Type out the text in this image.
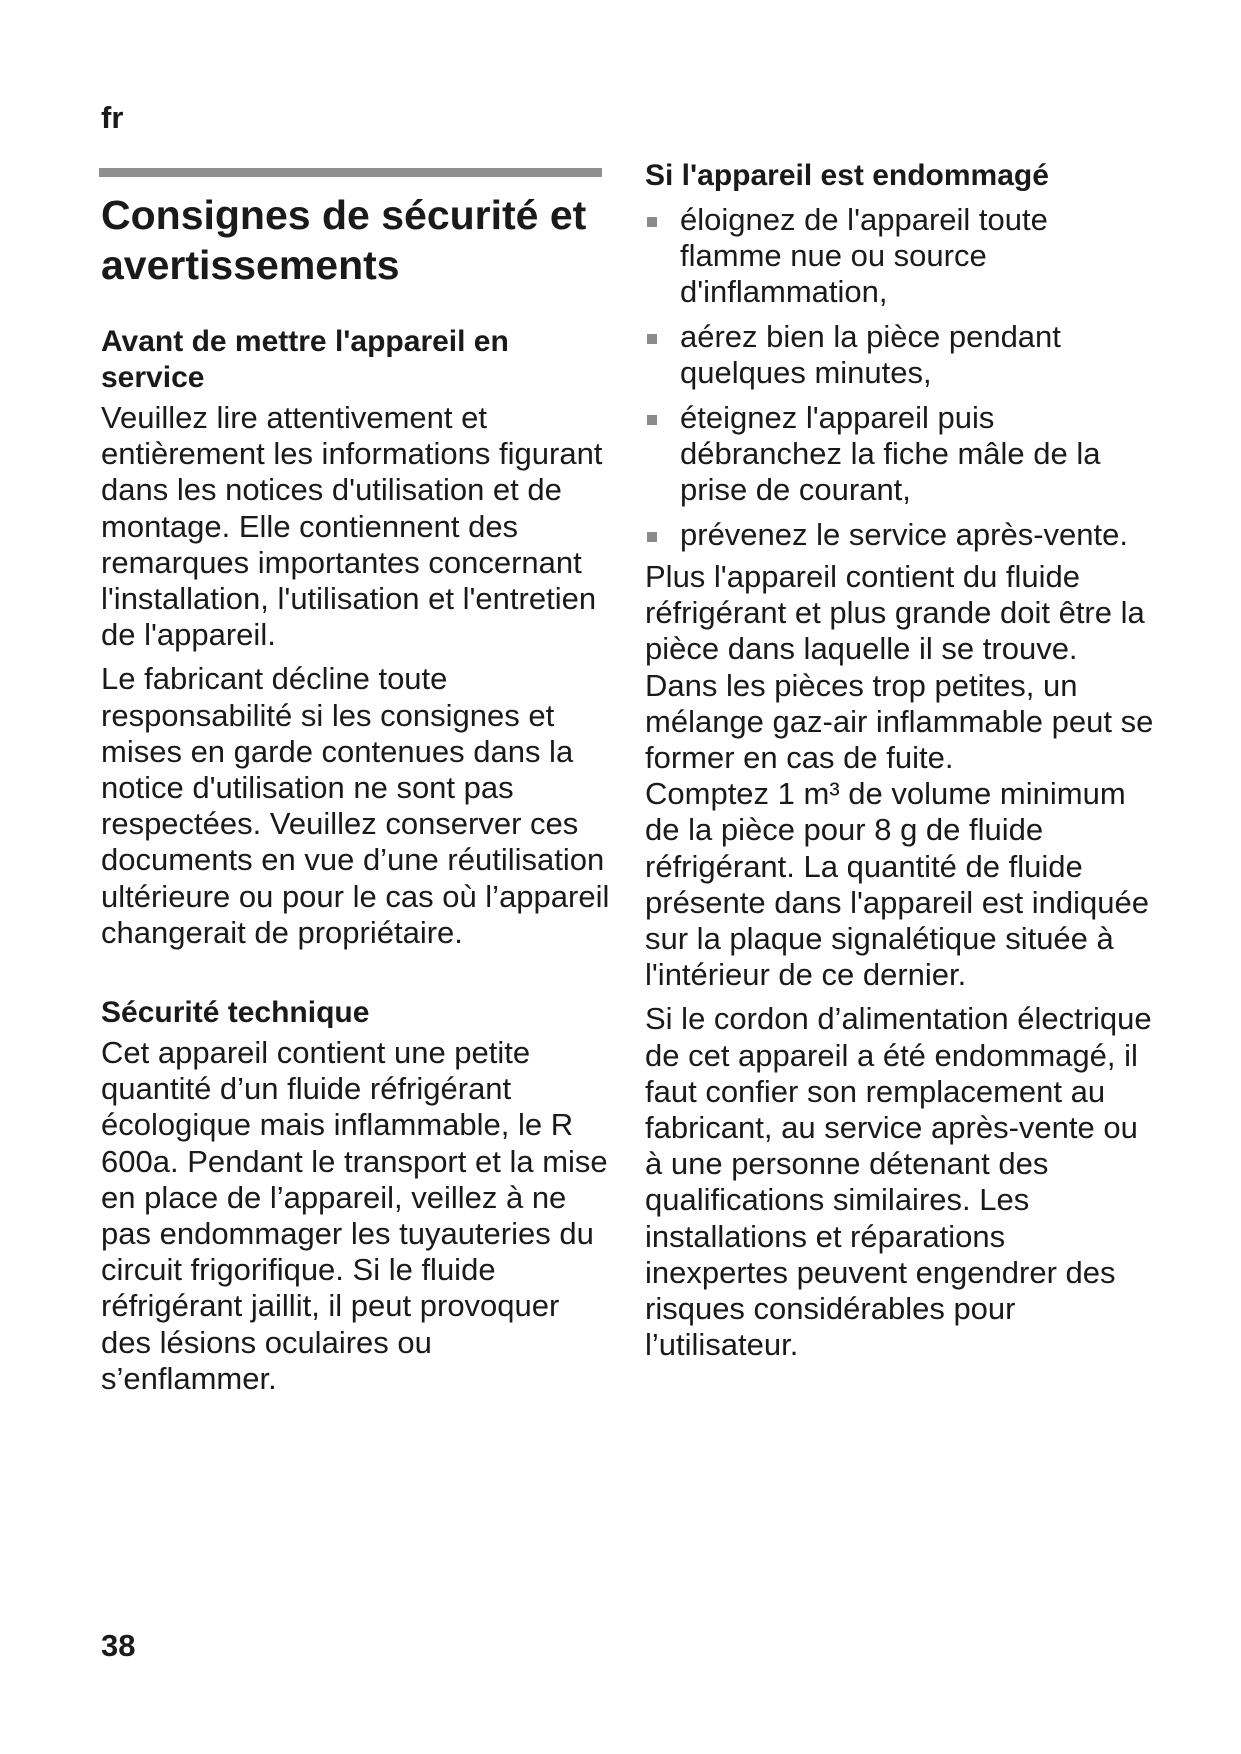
fr
Consignes de sécurité et avertissements
Avant de mettre l'appareil en service

Veuillez lire attentivement et entièrement les informations figurant dans les notices d'utilisation et de montage. Elle contiennent des remarques importantes concernant l'installation, l'utilisation et l'entretien de l'appareil.

Le fabricant décline toute responsabilité si les consignes et mises en garde contenues dans la notice d'utilisation ne sont pas respectées. Veuillez conserver ces documents en vue d’une réutilisation ultérieure ou pour le cas où l’appareil changerait de propriétaire.

Sécurité technique

Cet appareil contient une petite quantité d’un fluide réfrigérant écologique mais inflammable, le R 600a. Pendant le transport et la mise en place de l’appareil, veillez à ne pas endommager les tuyauteries du circuit frigorifique. Si le fluide réfrigérant jaillit, il peut provoquer des lésions oculaires ou s’enflammer.

Si l'appareil est endommagé
éloignez de l'appareil toute flamme nue ou source d'inflammation,
aérez bien la pièce pendant quelques minutes,
éteignez l'appareil puis débranchez la fiche mâle de la prise de courant,
prévenez le service après-vente.

Plus l'appareil contient du fluide réfrigérant et plus grande doit être la pièce dans laquelle il se trouve. Dans les pièces trop petites, un mélange gaz-air inflammable peut se former en cas de fuite.

Comptez 1 m³ de volume minimum de la pièce pour 8 g de fluide réfrigérant. La quantité de fluide présente dans l'appareil est indiquée sur la plaque signalétique située à l'intérieur de ce dernier.

Si le cordon d’alimentation électrique de cet appareil a été endommagé, il faut confier son remplacement au fabricant, au service après-vente ou à une personne détenant des qualifications similaires. Les installations et réparations inexpertes peuvent engendrer des risques considérables pour l’utilisateur.

38
